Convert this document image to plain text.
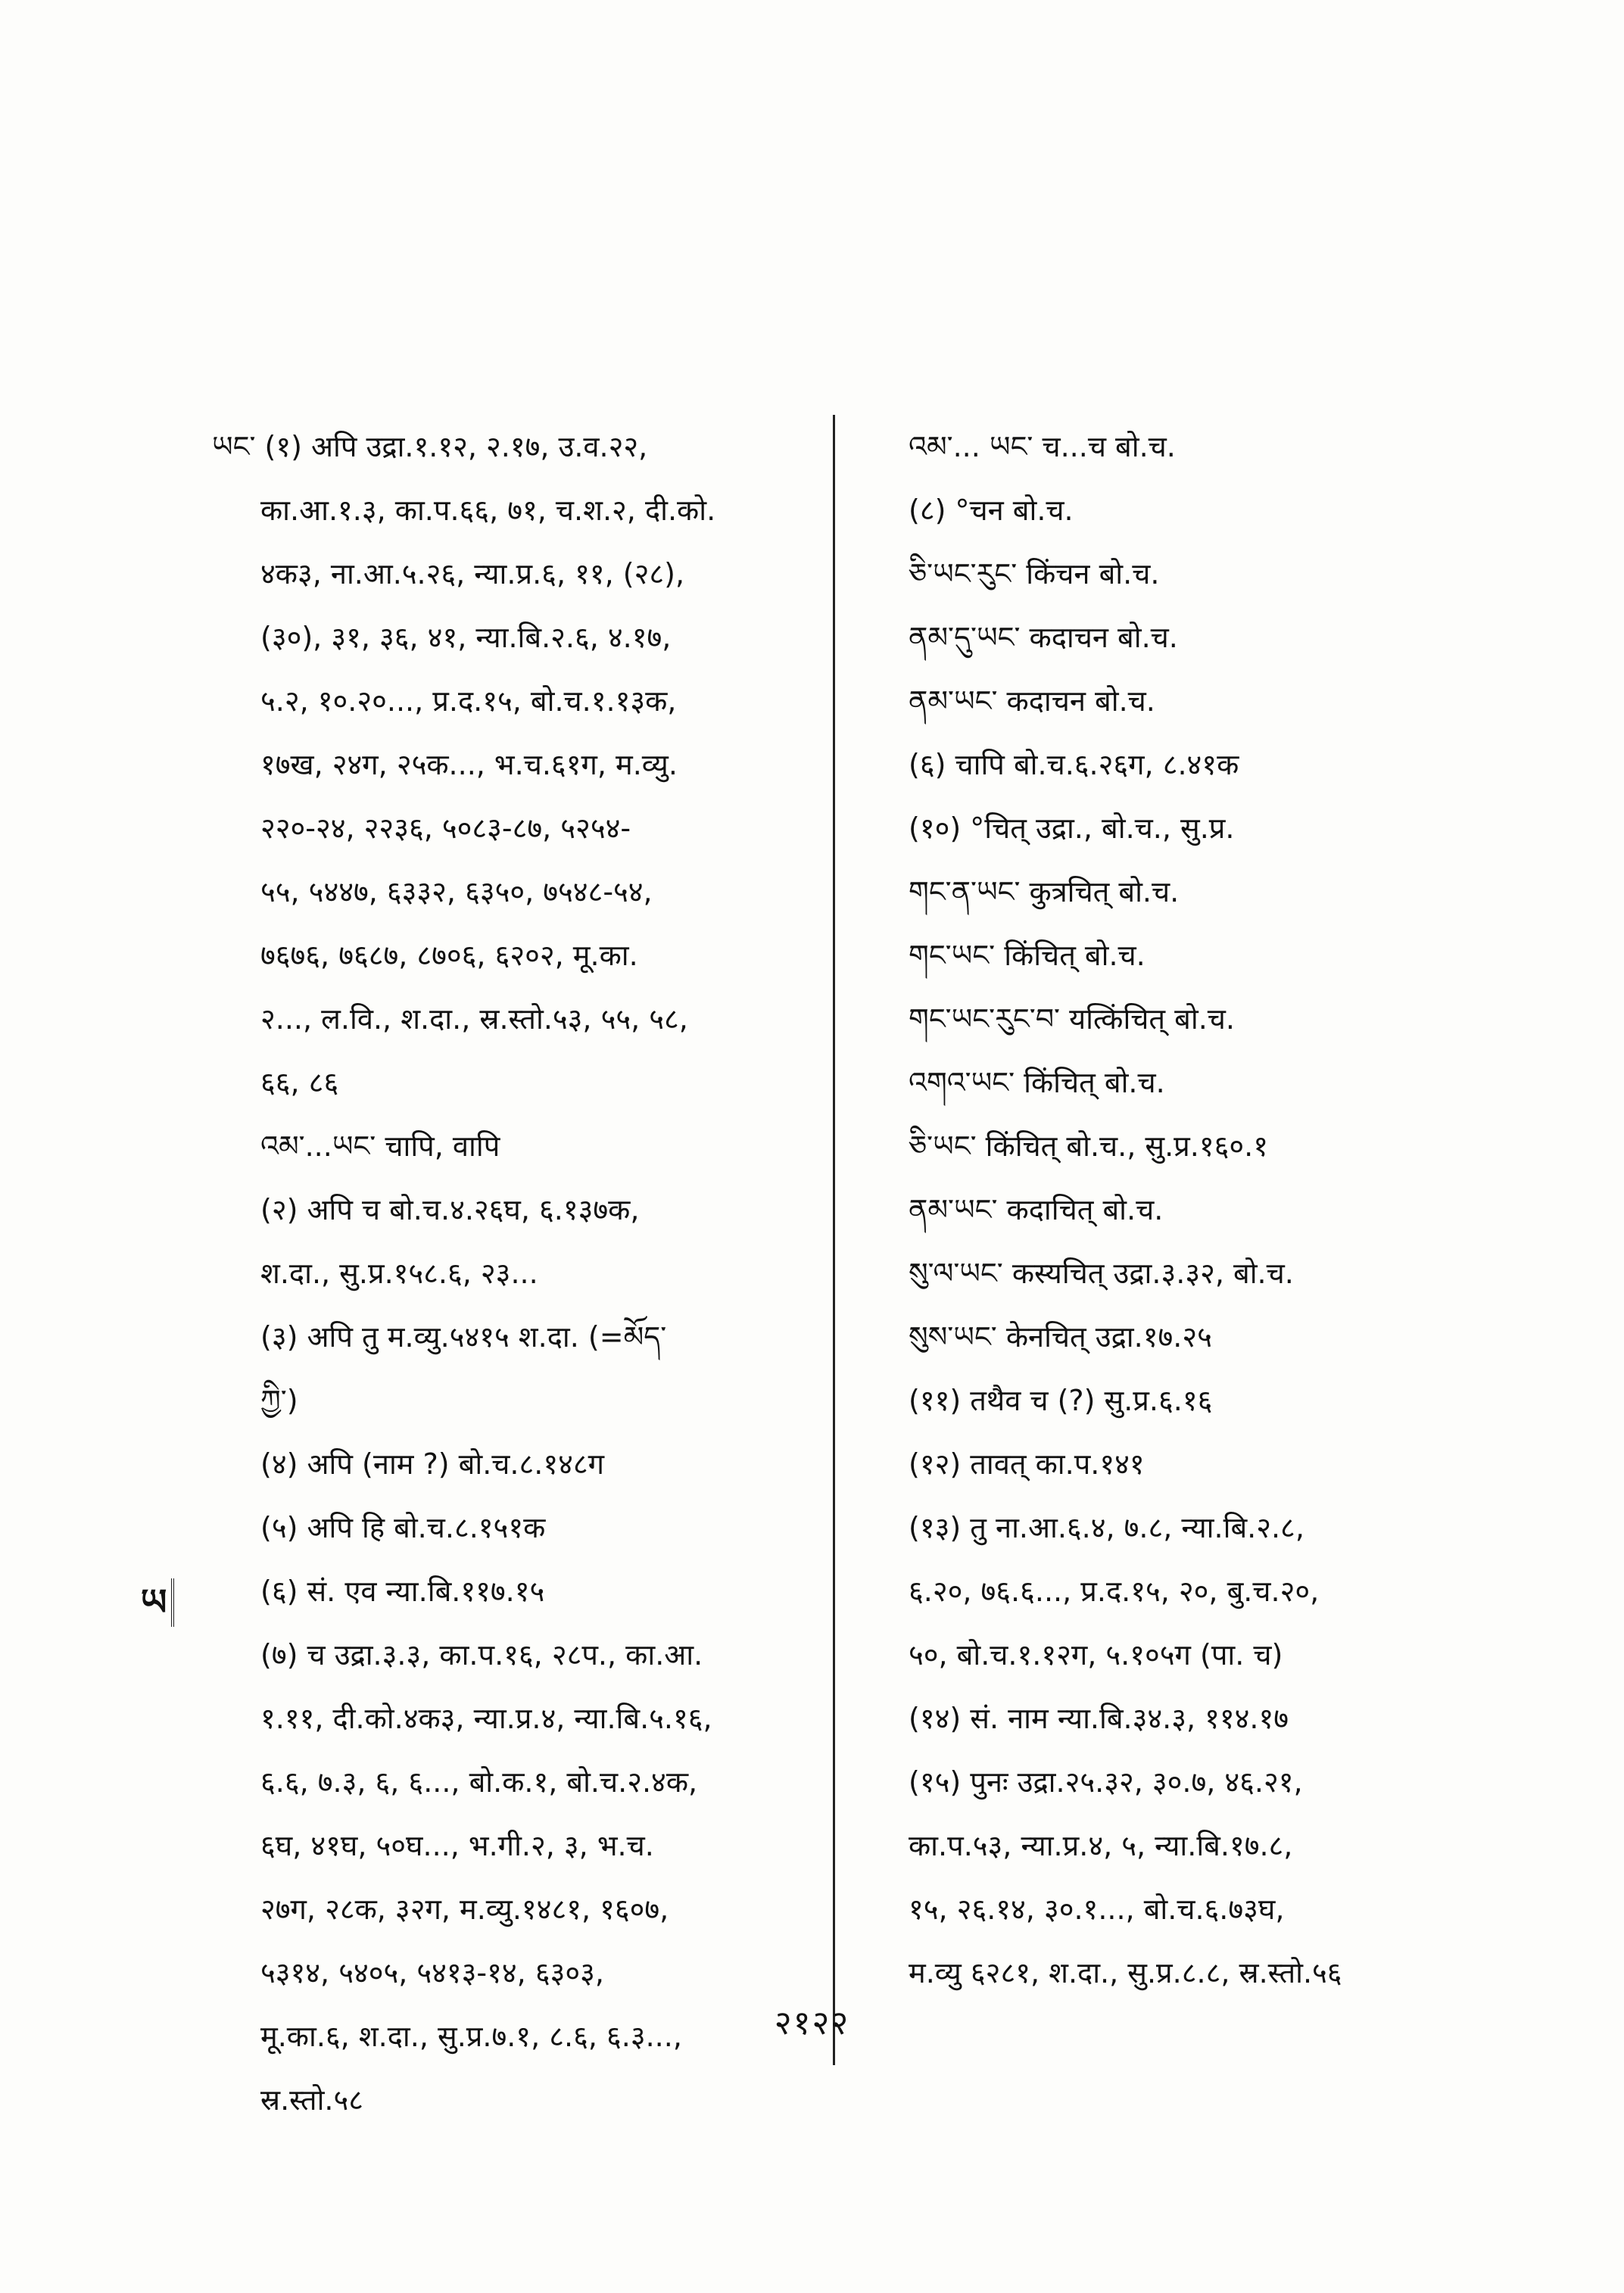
ཡང་ (१) अपि उद्रा.१.१२, २.१७, उ.व.२२,
का.आ.१.३, का.प.६६, ७१, च.श.२, दी.को.
४क३, ना.आ.५.२६, न्या.प्र.६, ११, (२८),
(३०), ३१, ३६, ४१, न्या.बि.२.६, ४.१७,
५.२, १०.२०..., प्र.द.१५, बो.च.१.१३क,
१७ख, २४ग, २५क..., भ.च.६१ग, म.व्यु.
२२०-२४, २२३६, ५०८३-८७, ५२५४-
५५, ५४४७, ६३३२, ६३५०, ७५४८-५४,
७६७६, ७६८७, ८७०६, ६२०२, मू.का.
२..., ल.वि., श.दा., स्र.स्तो.५३, ५५, ५८,
६६, ८६
འམ་...ཡང་ चापि, वापि
(२) अपि च बो.च.४.२६घ, ६.१३७क,
श.दा., सु.प्र.१५८.६, २३...
(३) अपि तु म.व्यु.५४१५ श.दा. (=མོད་
ཀྱི་)
(४) अपि (नाम ?) बो.च.८.१४८ग
(५) अपि हि बो.च.८.१५१क
(६) सं. एव न्या.बि.११७.१५
(७) च उद्रा.३.३, का.प.१६, २८प., का.आ.
१.११, दी.को.४क३, न्या.प्र.४, न्या.बि.५.१६,
६.६, ७.३, ६, ६..., बो.क.१, बो.च.२.४क,
६घ, ४१घ, ५०घ..., भ.गी.२, ३, भ.च.
२७ग, २८क, ३२ग, म.व्यु.१४८१, १६०७,
५३१४, ५४०५, ५४१३-१४, ६३०३,
मू.का.६, श.दा., सु.प्र.७.१, ८.६, ६.३...,
स्र.स्तो.५८
འམ་... ཡང་ च...च बो.च.
(८) °चन बो.च.
ཅི་ཡང་རུང་ किंचन बो.च.
ནམ་དུ་ཡང་ कदाचन बो.च.
ནམ་ཡང་ कदाचन बो.च.
(६) चापि बो.च.६.२६ग, ८.४१क
(१०) °चित् उद्रा., बो.च., सु.प्र.
གང་ན་ཡང་ कुत्रचित् बो.च.
གང་ཡང་ किंचित् बो.च.
གང་ཡང་རུང་བ་ यत्किंचित् बो.च.
འགའ་ཡང་ किंचित् बो.च.
ཅི་ཡང་ किंचित् बो.च., सु.प्र.१६०.१
ནམ་ཡང་ कदाचित् बो.च.
སུ་ལ་ཡང་ कस्यचित् उद्रा.३.३२, बो.च.
སུས་ཡང་ केनचित् उद्रा.१७.२५
(११) तथैव च (?) सु.प्र.६.१६
(१२) तावत् का.प.१४१
(१३) तु ना.आ.६.४, ७.८, न्या.बि.२.८,
६.२०, ७६.६..., प्र.द.१५, २०, बु.च.२०,
५०, बो.च.१.१२ग, ५.१०५ग (पा. च)
(१४) सं. नाम न्या.बि.३४.३, ११४.१७
(१५) पुनः उद्रा.२५.३२, ३०.७, ४६.२१,
का.प.५३, न्या.प्र.४, ५, न्या.बि.१७.८,
१५, २६.१४, ३०.१..., बो.च.६.७३घ,
म.व्यु ६२८१, श.दा., सु.प्र.८.८, स्र.स्तो.५६
ཡ
२१२२
